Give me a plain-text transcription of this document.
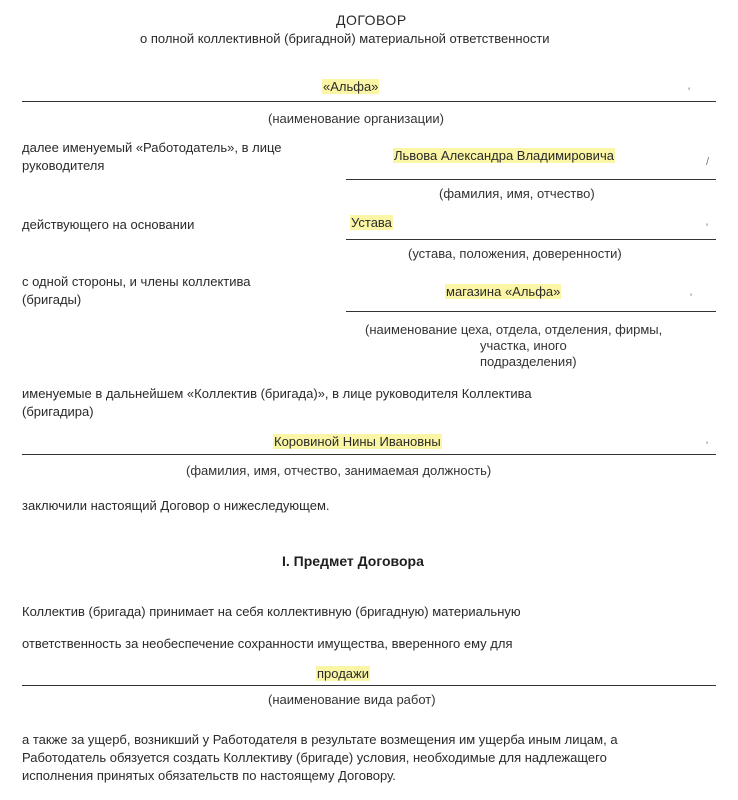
ДОГОВОР
о полной коллективной (бригадной) материальной ответственности
«Альфа»	'
(наименование организации)
далее именуемый «Работодатель», в лице
руководителя
Львова Александра Владимировича	/
(фамилия, имя, отчество)
действующего на основании	Устава	'
(устава, положения, доверенности)
с одной стороны, и члены коллектива
(бригады)
магазина «Альфа»	'
(наименование цеха, отдела, отделения, фирмы,
участка, иного
подразделения)
именуемые в дальнейшем «Коллектив (бригада)», в лице руководителя Коллектива
(бригадира)
Коровиной Нины Ивановны	'
(фамилия, имя, отчество, занимаемая должность)
заключили настоящий Договор о нижеследующем.
I. Предмет Договора
Коллектив (бригада) принимает на себя коллективную (бригадную) материальную
ответственность за необеспечение сохранности имущества, вверенного ему для
продажи
(наименование вида работ)
а также за ущерб, возникший у Работодателя в результате возмещения им ущерба иным лицам, а
Работодатель обязуется создать Коллективу (бригаде) условия, необходимые для надлежащего
исполнения принятых обязательств по настоящему Договору.
